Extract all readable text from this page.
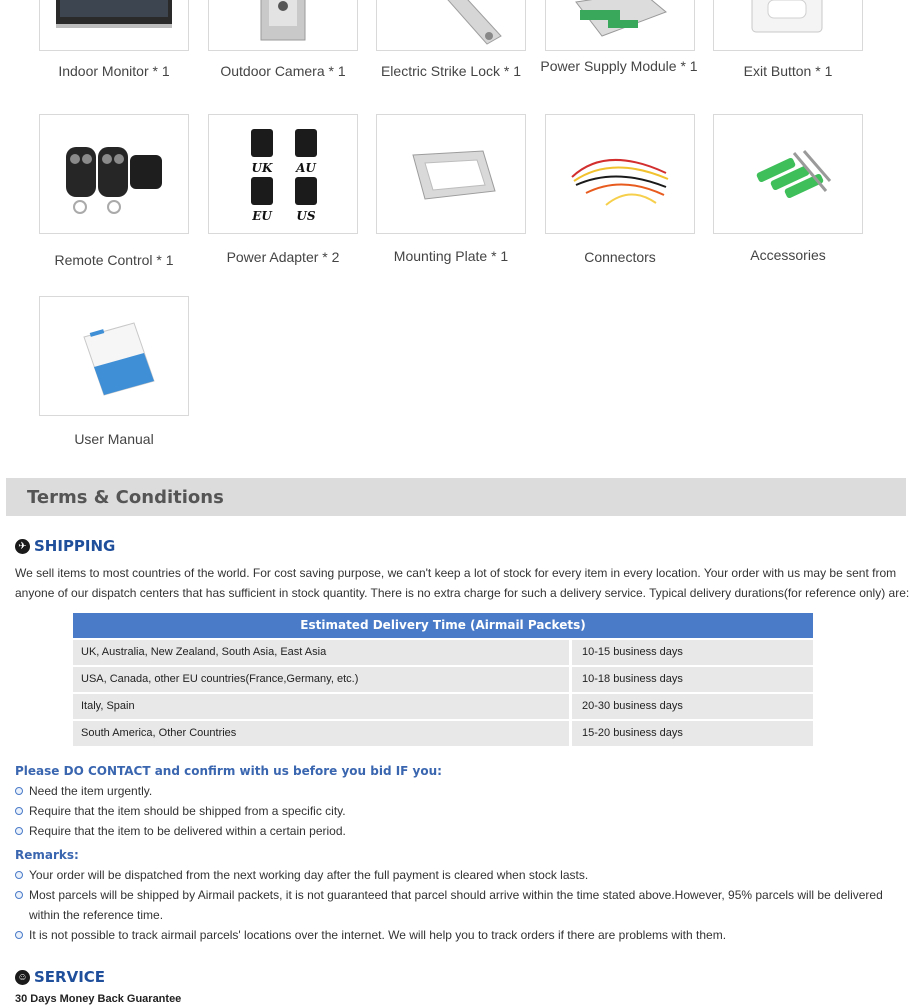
Indoor Monitor * 1	Outdoor Camera * 1	Electric Strike Lock * 1	Power Supply Module * 1	Exit Button * 1
Remote Control * 1
UK AU
EU US
Power Adapter * 2	Mounting Plate * 1	Connectors	Accessories
User Manual
Terms & Conditions
✈ SHIPPING
We sell items to most countries of the world. For cost saving purpose, we can't keep a lot of stock for every item in every location. Your order with us may be sent from anyone of our dispatch centers that has sufficient in stock quantity. There is no extra charge for such a delivery service. Typical delivery durations(for reference only) are:
Estimated Delivery Time (Airmail Packets)
UK, Australia, New Zealand, South Asia, East Asia	10-15 business days
USA, Canada, other EU countries(France,Germany, etc.)	10-18 business days
Italy, Spain	20-30 business days
South America, Other Countries	15-20 business days
Please DO CONTACT and confirm with us before you bid IF you:
Need the item urgently.
Require that the item should be shipped from a specific city.
Require that the item to be delivered within a certain period.
Remarks:
Your order will be dispatched from the next working day after the full payment is cleared when stock lasts.
Most parcels will be shipped by Airmail packets, it is not guaranteed that parcel should arrive within the time stated above.However, 95% parcels will be delivered within the reference time.
It is not possible to track airmail parcels' locations over the internet. We will help you to track orders if there are problems with them.
☺ SERVICE
30 Days Money Back Guarantee
